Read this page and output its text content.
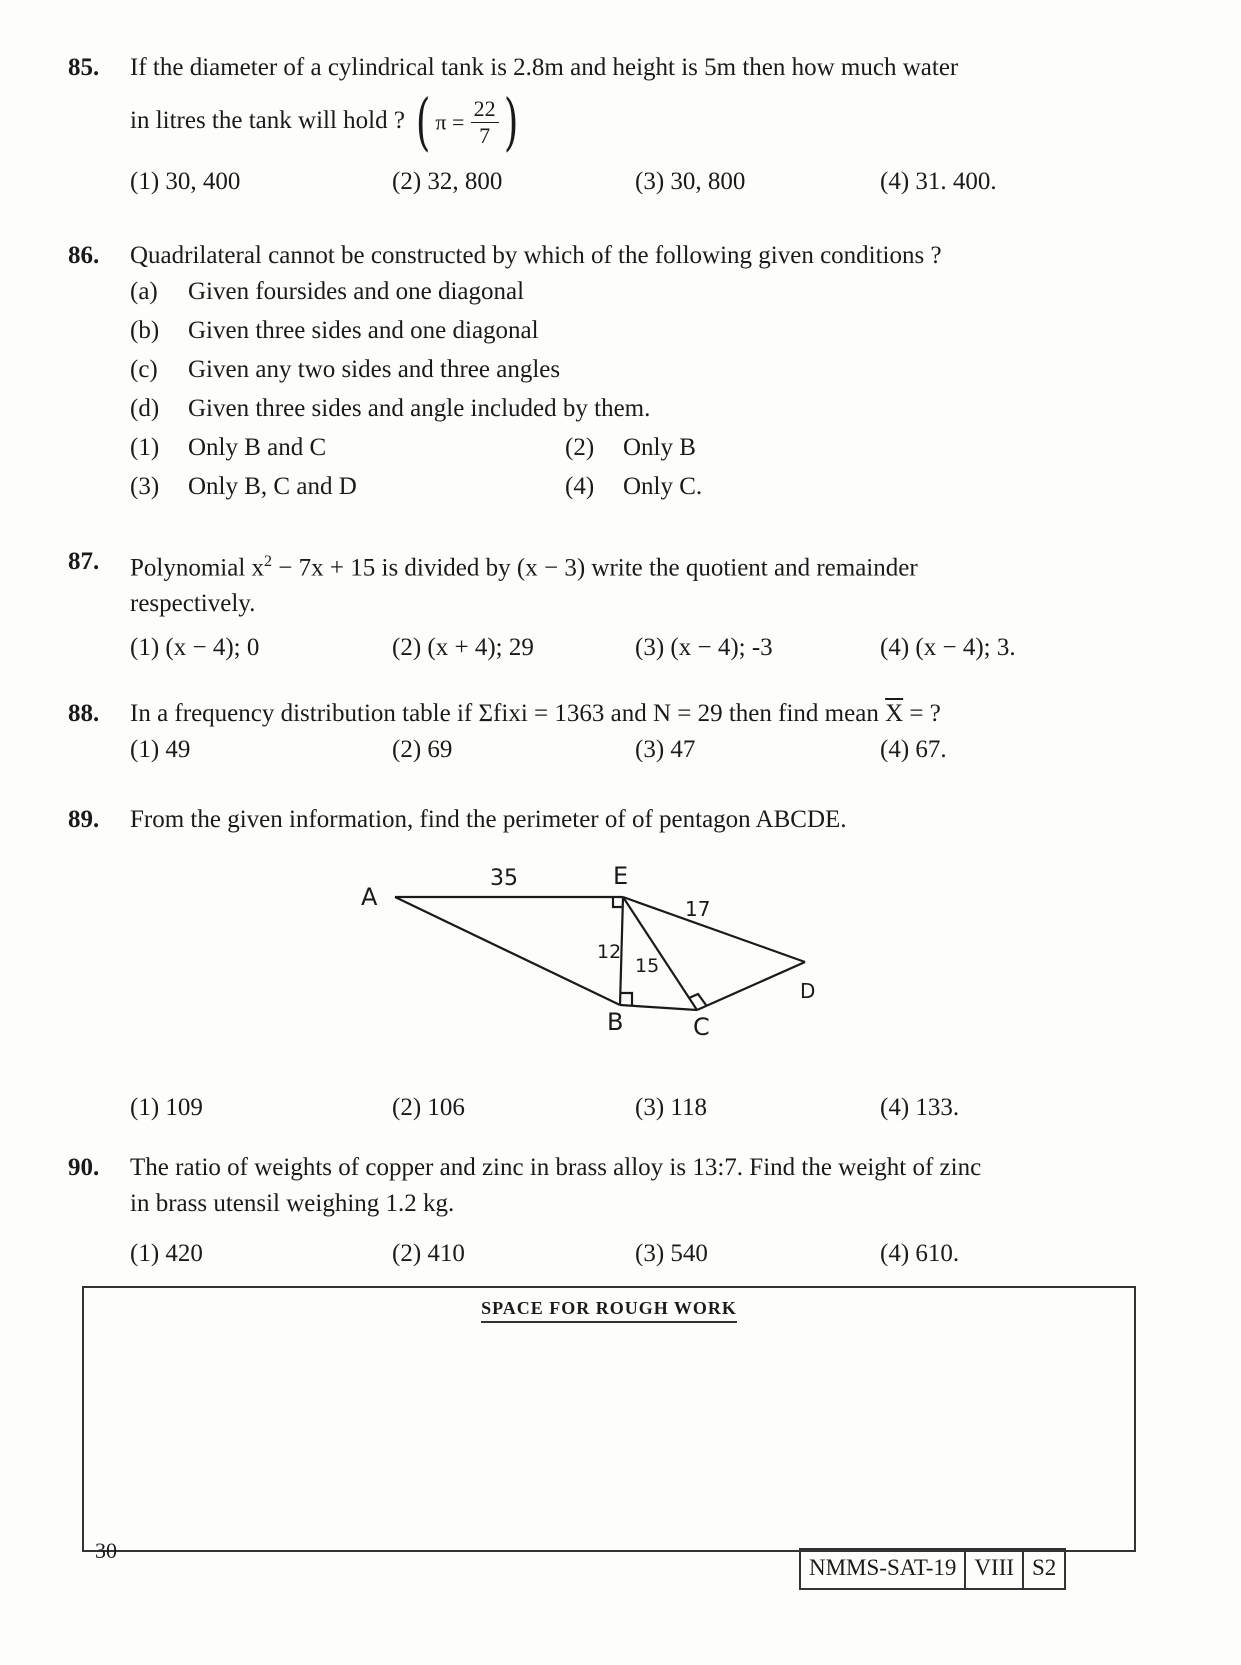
85. If the diameter of a cylindrical tank is 2.8m and height is 5m then how much water
in litres the tank will hold ? ( $\pi = \frac{22}{7}$ )
(1) 30, 400	(2) 32, 800	(3) 30, 800	(4) 31. 400.
86. Quadrilateral cannot be constructed by which of the following given conditions ?
(a) Given foursides and one diagonal
(b) Given three sides and one diagonal
(c) Given any two sides and three angles
(d) Given three sides and angle included by them.
(1) Only B and C	(2) Only B
(3) Only B, C and D	(4) Only C.
87. Polynomial $x^2 - 7x + 15$ is divided by (x − 3) write the quotient and remainder
respectively.
(1) (x − 4); 0	(2) (x + 4); 29	(3) (x − 4); -3	(4) (x − 4); 3.
88. In a frequency distribution table if Σfixi = 1363 and N = 29 then find mean $\overline{X}$ = ?
(1) 49	(2) 69	(3) 47	(4) 67.
89. From the given information, find the perimeter of of pentagon ABCDE.
A
E
D
B	C
35
17
12
15
(1) 109	(2) 106	(3) 118	(4) 133.
90. The ratio of weights of copper and zinc in brass alloy is 13:7. Find the weight of zinc
in brass utensil weighing 1.2 kg.
(1) 420	(2) 410	(3) 540	(4) 610.
SPACE FOR ROUGH WORK
30
NMMS-SAT-19 VIII S2
